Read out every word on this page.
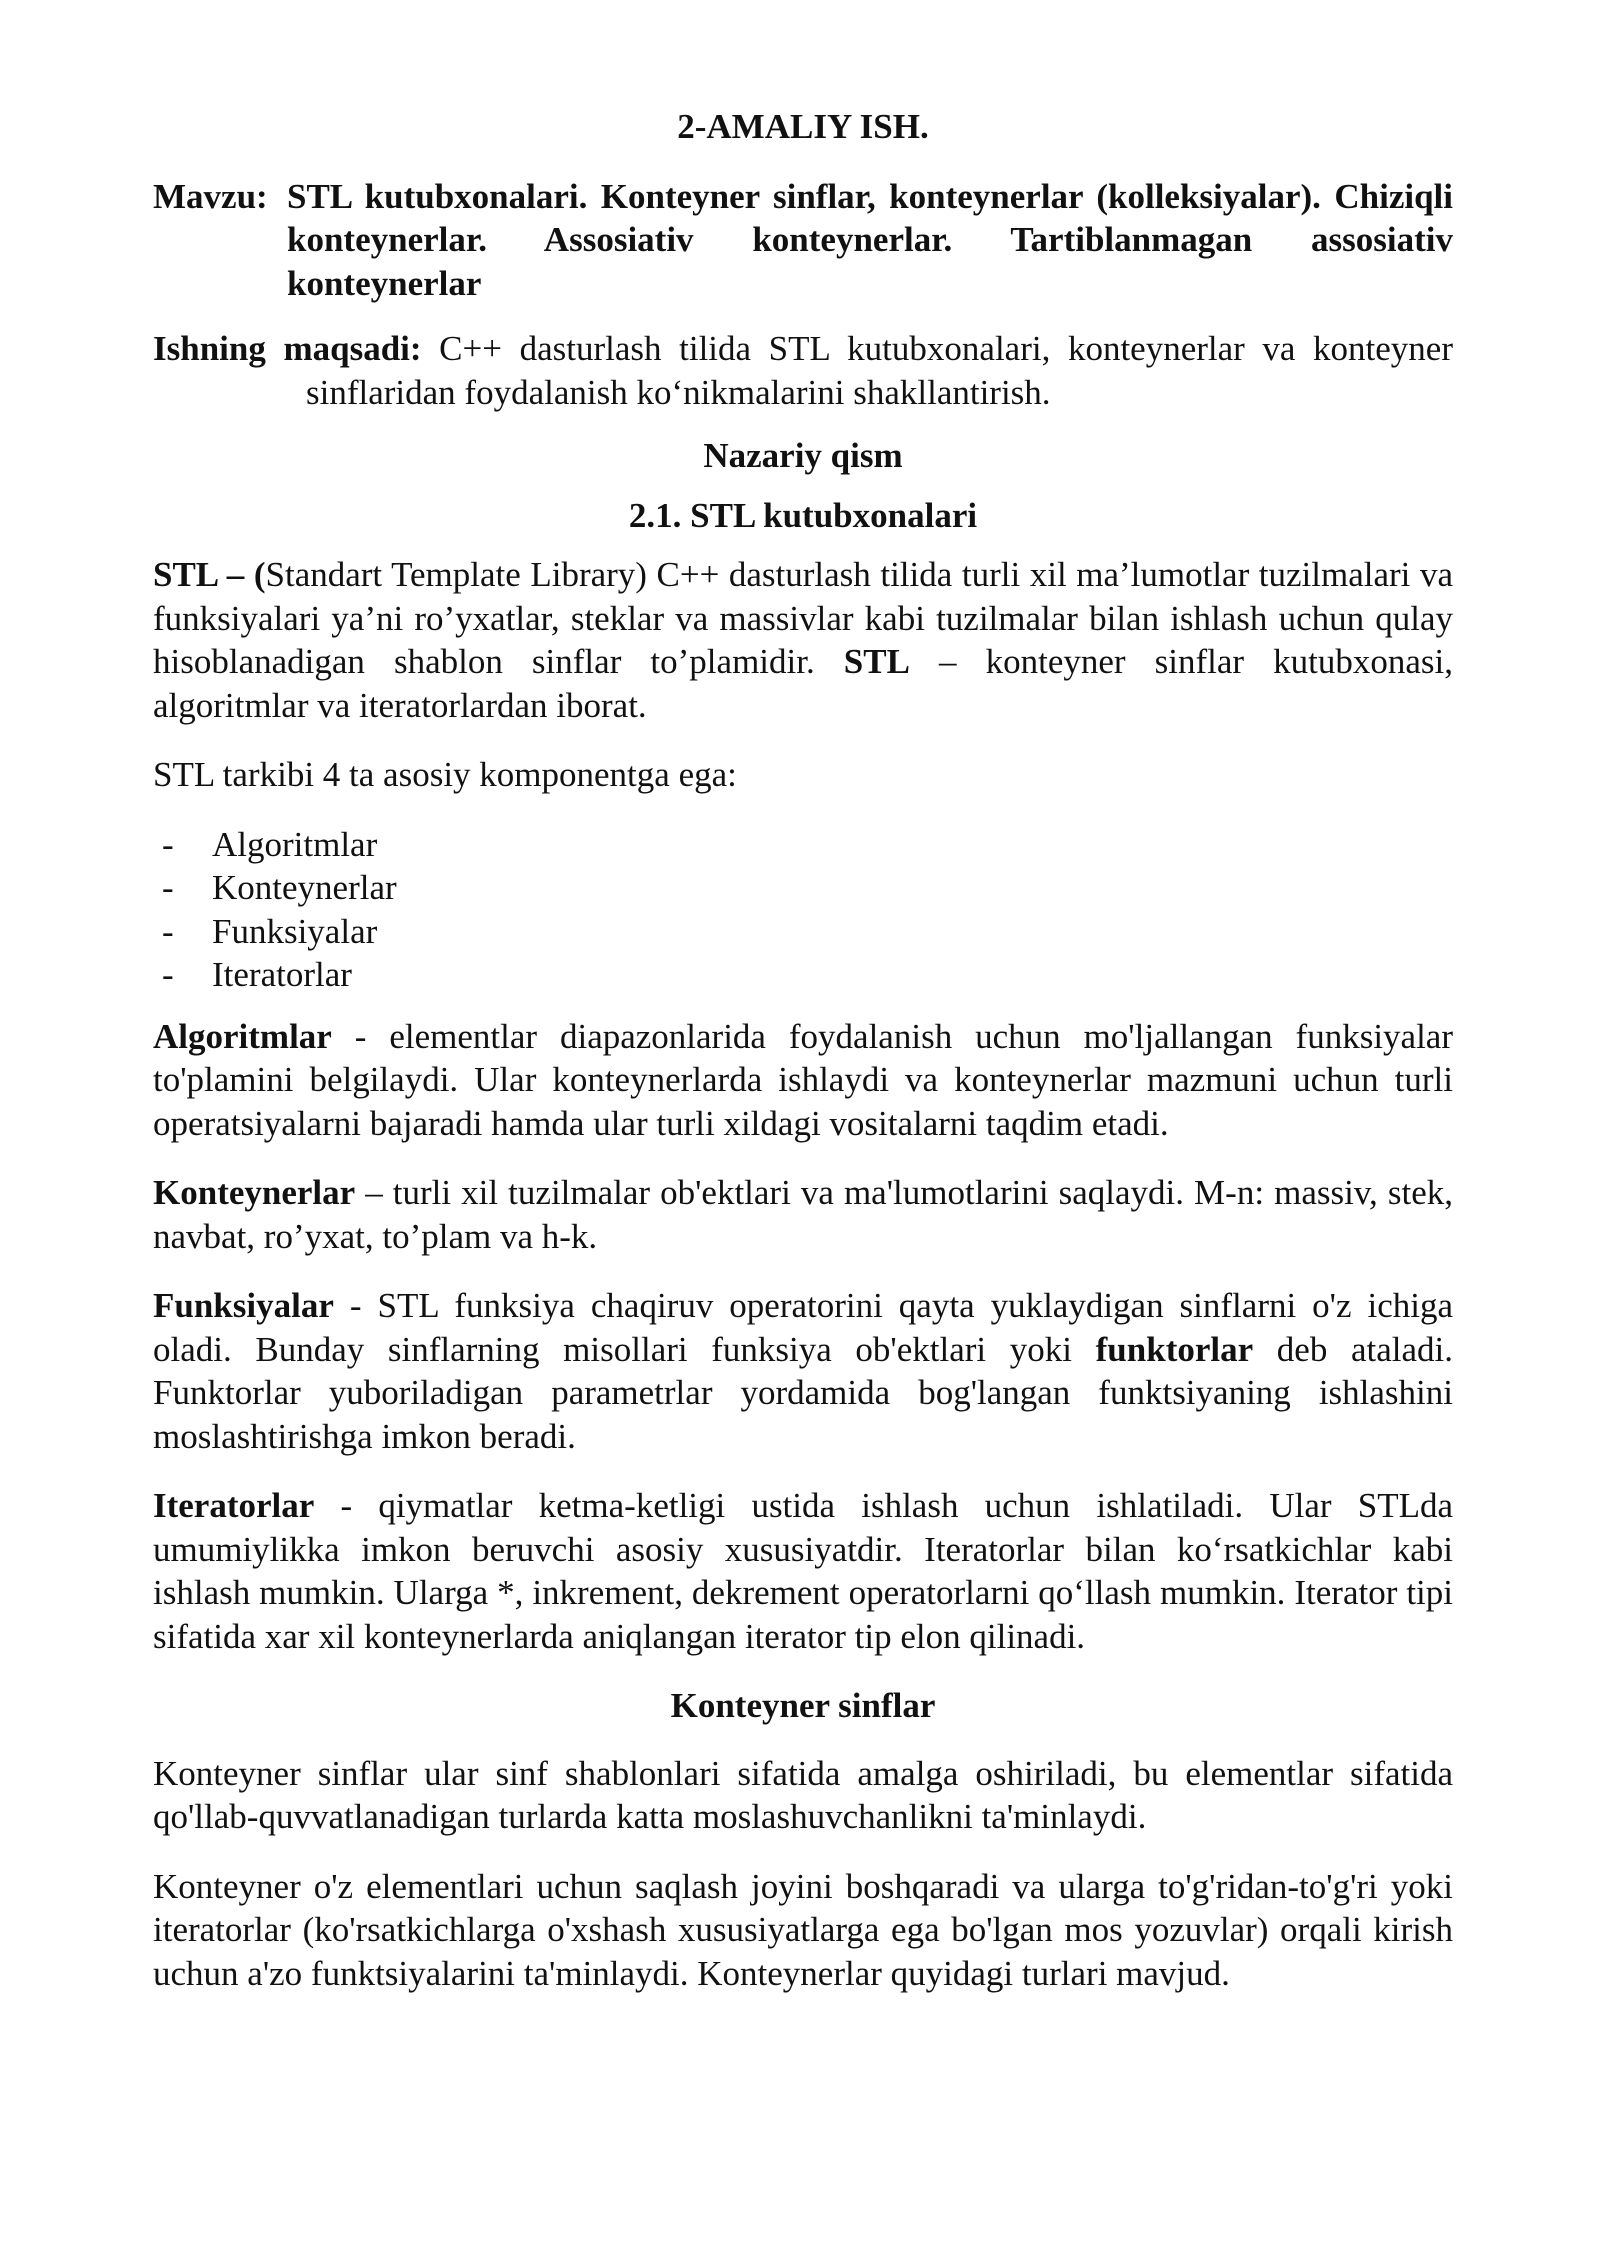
2-AMALIY ISH.

Mavzu: STL kutubxonalari. Konteyner sinflar, konteynerlar (kolleksiyalar). Chiziqli konteynerlar. Assosiativ konteynerlar. Tartiblanmagan assosiativ konteynerlar

Ishning maqsadi: C++ dasturlash tilida STL kutubxonalari, konteynerlar va konteyner

sinflaridan foydalanish ko‘nikmalarini shakllantirish.

Nazariy qism

2.1. STL kutubxonalari

STL – (Standart Template Library) C++ dasturlash tilida turli xil ma’lumotlar tuzilmalari va funksiyalari ya’ni ro’yxatlar, steklar va massivlar kabi tuzilmalar bilan ishlash uchun qulay hisoblanadigan shablon sinflar to’plamidir. STL – konteyner sinflar kutubxonasi, algoritmlar va iteratorlardan iborat.

STL tarkibi 4 ta asosiy komponentga ega:

-	Algoritmlar
-	Konteynerlar
-	Funksiyalar
-	Iteratorlar

Algoritmlar - elementlar diapazonlarida foydalanish uchun mo'ljallangan funksiyalar to'plamini belgilaydi. Ular konteynerlarda ishlaydi va konteynerlar mazmuni uchun turli operatsiyalarni bajaradi hamda ular turli xildagi vositalarni taqdim etadi.

Konteynerlar – turli xil tuzilmalar ob'ektlari va ma'lumotlarini saqlaydi. M-n: massiv, stek, navbat, ro’yxat, to’plam va h-k.

Funksiyalar - STL funksiya chaqiruv operatorini qayta yuklaydigan sinflarni o'z ichiga oladi. Bunday sinflarning misollari funksiya ob'ektlari yoki funktorlar deb ataladi. Funktorlar yuboriladigan parametrlar yordamida bog'langan funktsiyaning ishlashini moslashtirishga imkon beradi.

Iteratorlar - qiymatlar ketma-ketligi ustida ishlash uchun ishlatiladi. Ular STLda umumiylikka imkon beruvchi asosiy xususiyatdir. Iteratorlar bilan ko‘rsatkichlar kabi ishlash mumkin. Ularga *, inkrement, dekrement operatorlarni qo‘llash mumkin. Iterator tipi sifatida xar xil konteynerlarda aniqlangan iterator tip elon qilinadi.

Konteyner sinflar

Konteyner sinflar ular sinf shablonlari sifatida amalga oshiriladi, bu elementlar sifatida qo'llab-quvvatlanadigan turlarda katta moslashuvchanlikni ta'minlaydi.

Konteyner o'z elementlari uchun saqlash joyini boshqaradi va ularga to'g'ridan-to'g'ri yoki iteratorlar (ko'rsatkichlarga o'xshash xususiyatlarga ega bo'lgan mos yozuvlar) orqali kirish uchun a'zo funktsiyalarini ta'minlaydi. Konteynerlar quyidagi turlari mavjud.
